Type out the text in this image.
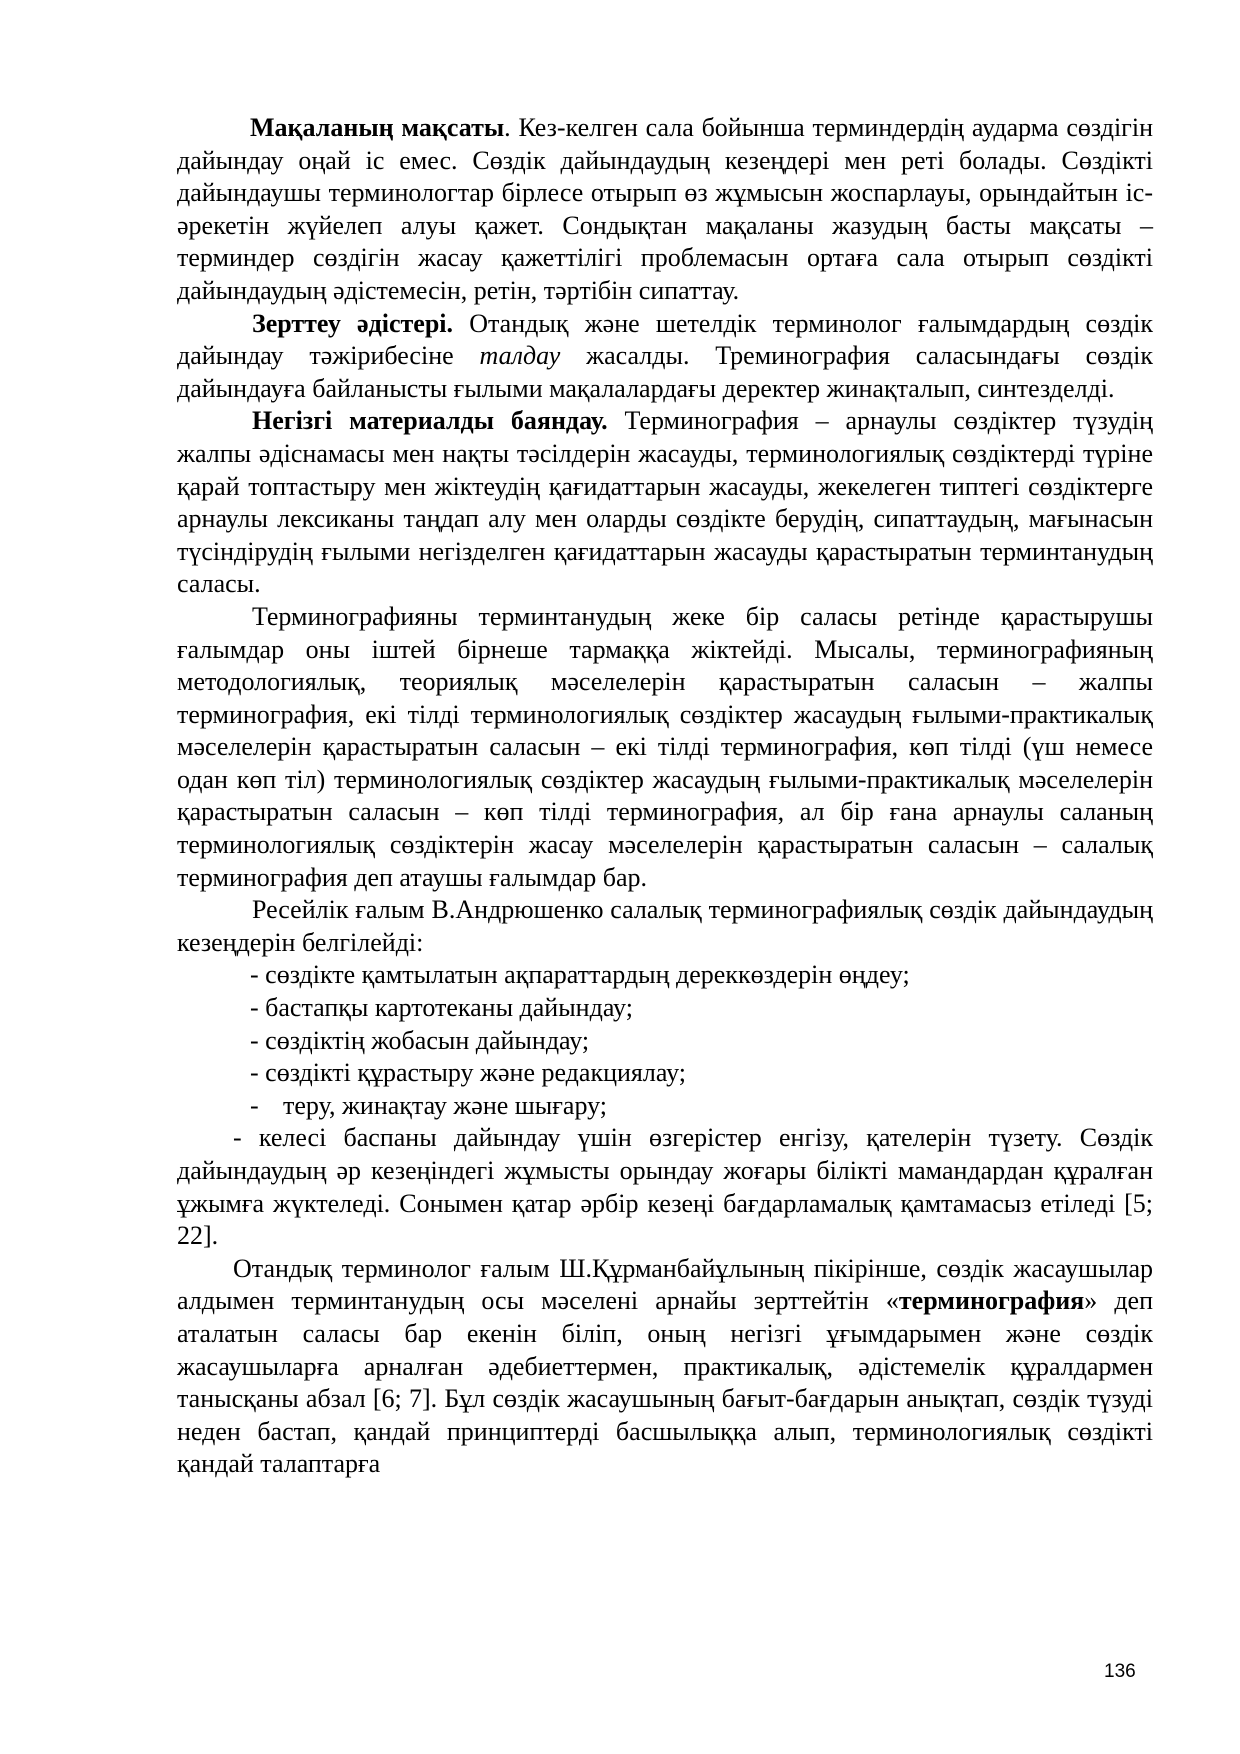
Мақаланың мақсаты. Кез-келген сала бойынша терминдердің аударма сөздігін дайындау оңай іс емес. Сөздік дайындаудың кезеңдері мен реті болады. Сөздікті дайындаушы терминологтар бірлесе отырып өз жұмысын жоспарлауы, орындайтын іс-әрекетін жүйелеп алуы қажет. Сондықтан мақаланы жазудың басты мақсаты – терминдер сөздігін жасау қажеттілігі проблемасын ортаға сала отырып сөздікті дайындаудың әдістемесін, ретін, тәртібін сипаттау.

Зерттеу әдістері. Отандық және шетелдік терминолог ғалымдардың сөздік дайындау тәжірибесіне талдау жасалды. Треминография саласындағы сөздік дайындауға байланысты ғылыми мақалалардағы деректер жинақталып, синтезделді.

Негізгі материалды баяндау. Терминография – арнаулы сөздіктер түзудің жалпы әдіснамасы мен нақты тәсілдерін жасауды, терминологиялық сөздіктерді түріне қарай топтастыру мен жіктеудің қағидаттарын жасауды, жекелеген типтегі сөздіктерге арнаулы лексиканы таңдап алу мен оларды сөздікте берудің, сипаттаудың, мағынасын түсіндірудің ғылыми негізделген қағидаттарын жасауды қарастыратын терминтанудың саласы.

Терминографияны терминтанудың жеке бір саласы ретінде қарастырушы ғалымдар оны іштей бірнеше тармаққа жіктейді. Мысалы, терминографияның методологиялық, теориялық мәселелерін қарастыратын саласын – жалпы терминография, екі тілді терминологиялық сөздіктер жасаудың ғылыми-практикалық мәселелерін қарастыратын саласын – екі тілді терминография, көп тілді (үш немесе одан көп тіл) терминологиялық сөздіктер жасаудың ғылыми-практикалық мәселелерін қарастыратын саласын – көп тілді терминография, ал бір ғана арнаулы саланың терминологиялық сөздіктерін жасау мәселелерін қарастыратын саласын – салалық терминография деп атаушы ғалымдар бар.

Ресейлік ғалым В.Андрюшенко салалық терминографиялық сөздік дайындаудың кезеңдерін белгілейді:

- сөздікте қамтылатын ақпараттардың дереккөздерін өңдеу;

- бастапқы картотеканы дайындау;

- сөздіктің жобасын дайындау;

- сөздікті құрастыру және редакциялау;

- теру, жинақтау және шығару;

- келесі баспаны дайындау үшін өзгерістер енгізу, қателерін түзету. Сөздік дайындаудың әр кезеңіндегі жұмысты орындау жоғары білікті мамандардан құралған ұжымға жүктеледі. Сонымен қатар әрбір кезеңі бағдарламалық қамтамасыз етіледі [5; 22].

Отандық терминолог ғалым Ш.Құрманбайұлының пікірінше, сөздік жасаушылар алдымен терминтанудың осы мәселені арнайы зерттейтін «терминография» деп аталатын саласы бар екенін біліп, оның негізгі ұғымдарымен және сөздік жасаушыларға арналған әдебиеттермен, практикалық, әдістемелік құралдармен танысқаны абзал [6; 7]. Бұл сөздік жасаушының бағыт-бағдарын анықтап, сөздік түзуді неден бастап, қандай принциптерді басшылыққа алып, терминологиялық сөздікті қандай талаптарға

136
